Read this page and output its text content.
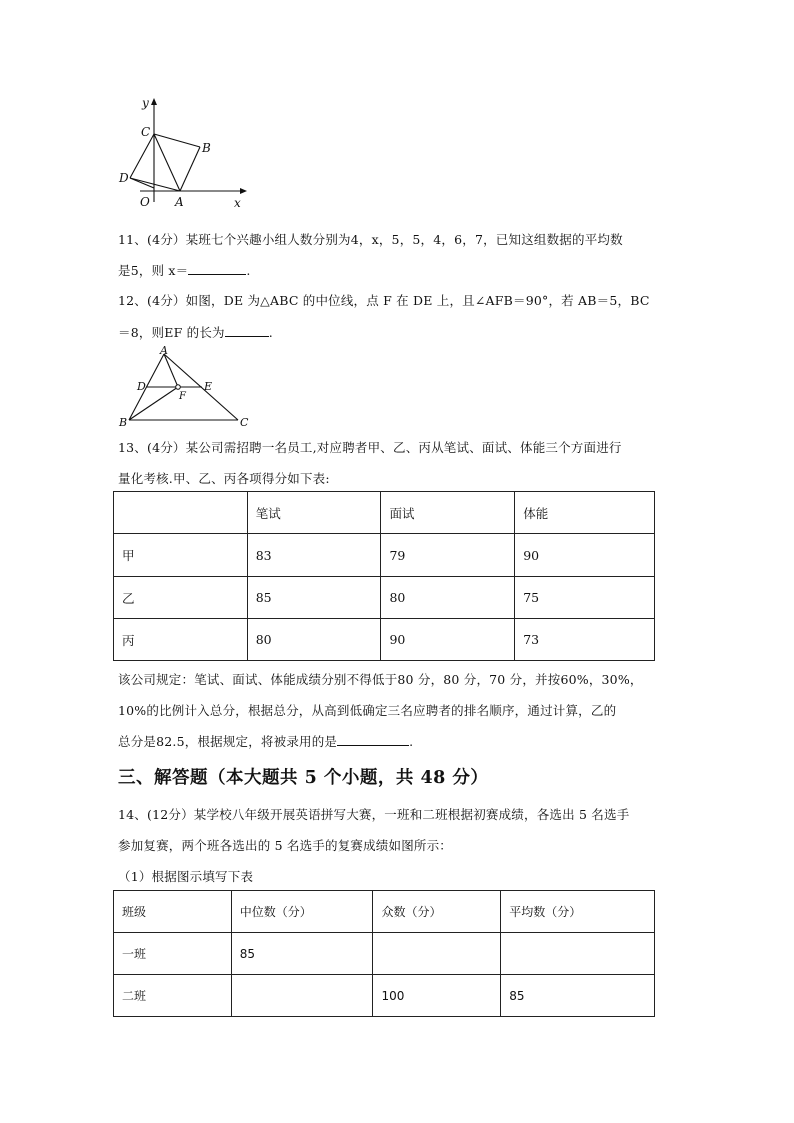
y
C
B
D
O A	x
11、(4分）某班七个兴趣小组人数分别为4，x，5，5，4，6，7，已知这组数据的平均数
是5，则 x＝	.
12、(4分）如图，DE 为△ABC 的中位线，点 F 在 DE 上，且∠AFB＝90°，若 AB＝5，BC
＝8，则EF 的长为	.
A
D	E
F
B	C
13、(4分）某公司需招聘一名员工,对应聘者甲、乙、丙从笔试、面试、体能三个方面进行
量化考核.甲、乙、丙各项得分如下表:
	笔试	面试	体能
甲	83	79	90
乙	85	80	75
丙	80	90	73
该公司规定：笔试、面试、体能成绩分别不得低于80 分，80 分，70 分，并按60%，30%，
10%的比例计入总分，根据总分，从高到低确定三名应聘者的排名顺序，通过计算，乙的
总分是82.5，根据规定，将被录用的是	.
三、解答题（本大题共 5 个小题，共 48 分）
14、(12分）某学校八年级开展英语拼写大赛，一班和二班根据初赛成绩，各选出 5 名选手
参加复赛，两个班各选出的 5 名选手的复赛成绩如图所示：
（1）根据图示填写下表
班级	中位数（分）	众数（分）	平均数（分）
一班	85		
二班		100	85
